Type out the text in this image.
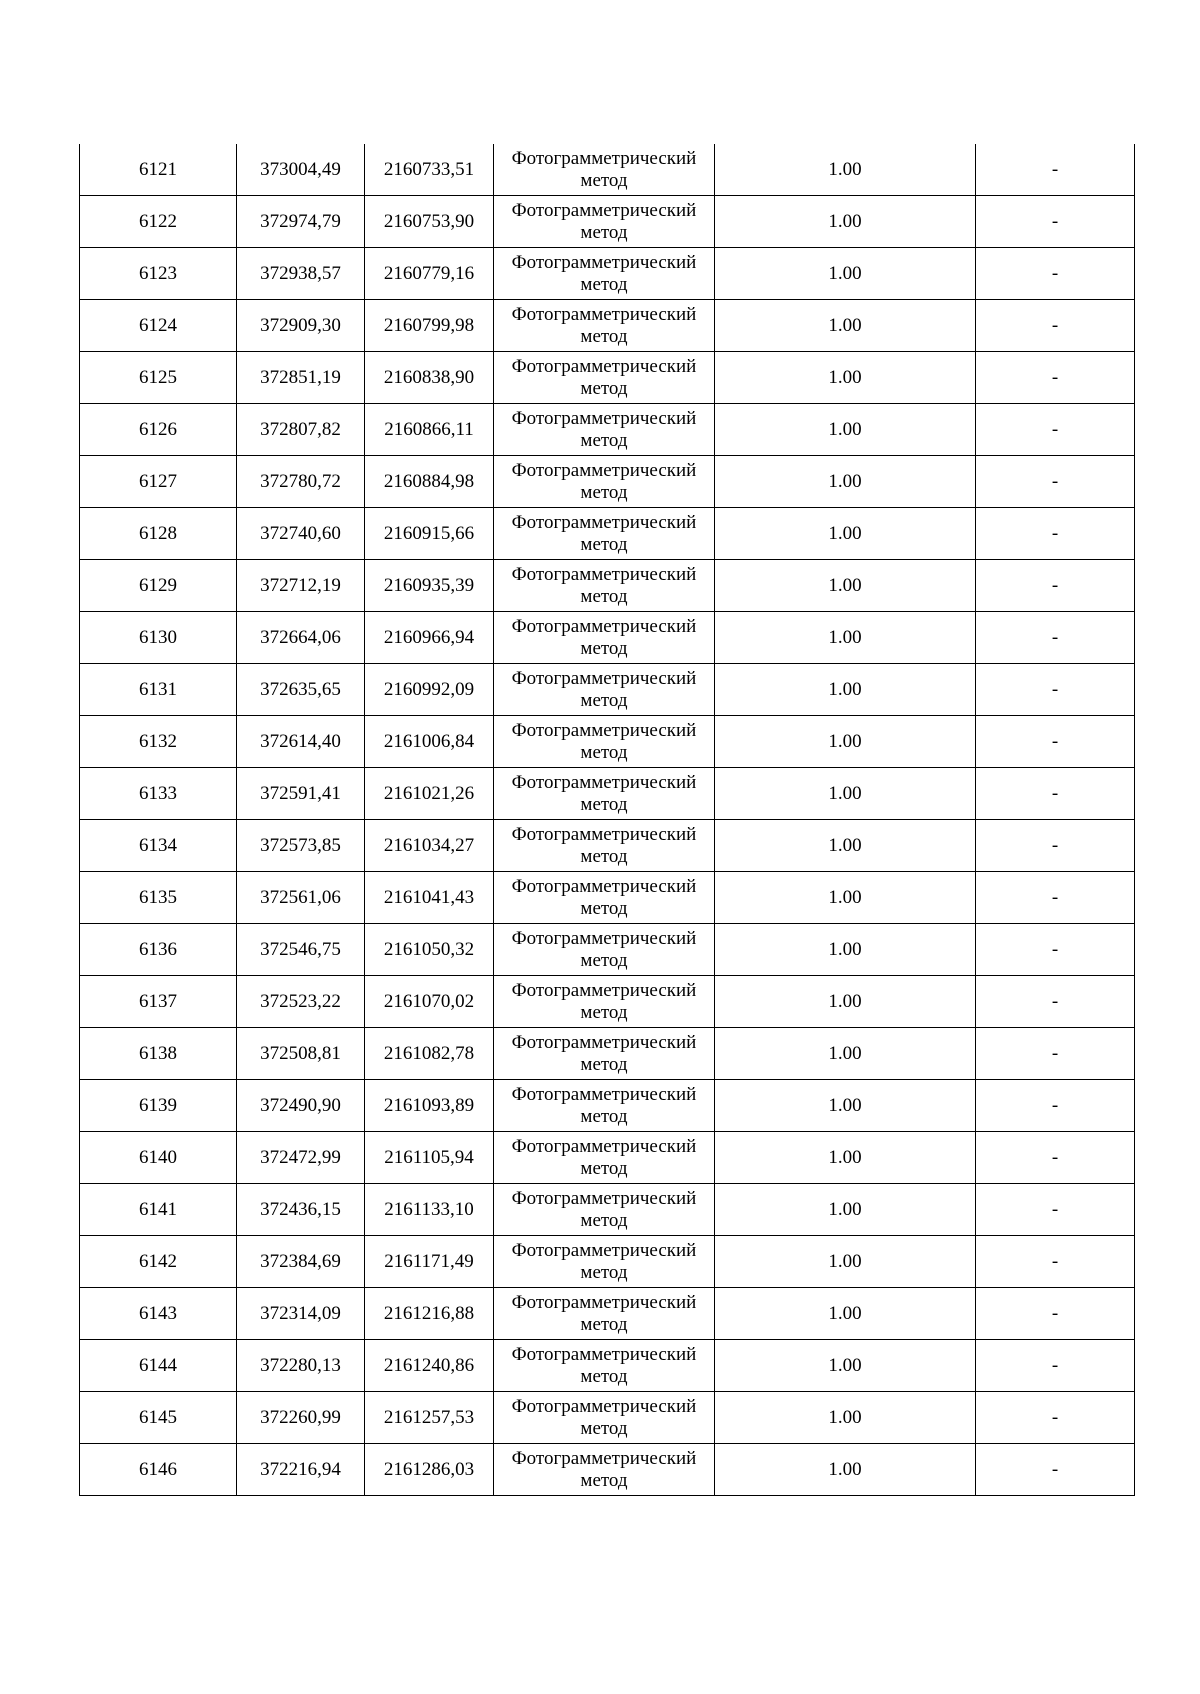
6121	373004,49	2160733,51	Фотограмметрический
метод	1.00	-
6122	372974,79	2160753,90	Фотограмметрический
метод	1.00	-
6123	372938,57	2160779,16	Фотограмметрический
метод	1.00	-
6124	372909,30	2160799,98	Фотограмметрический
метод	1.00	-
6125	372851,19	2160838,90	Фотограмметрический
метод	1.00	-
6126	372807,82	2160866,11	Фотограмметрический
метод	1.00	-
6127	372780,72	2160884,98	Фотограмметрический
метод	1.00	-
6128	372740,60	2160915,66	Фотограмметрический
метод	1.00	-
6129	372712,19	2160935,39	Фотограмметрический
метод	1.00	-
6130	372664,06	2160966,94	Фотограмметрический
метод	1.00	-
6131	372635,65	2160992,09	Фотограмметрический
метод	1.00	-
6132	372614,40	2161006,84	Фотограмметрический
метод	1.00	-
6133	372591,41	2161021,26	Фотограмметрический
метод	1.00	-
6134	372573,85	2161034,27	Фотограмметрический
метод	1.00	-
6135	372561,06	2161041,43	Фотограмметрический
метод	1.00	-
6136	372546,75	2161050,32	Фотограмметрический
метод	1.00	-
6137	372523,22	2161070,02	Фотограмметрический
метод	1.00	-
6138	372508,81	2161082,78	Фотограмметрический
метод	1.00	-
6139	372490,90	2161093,89	Фотограмметрический
метод	1.00	-
6140	372472,99	2161105,94	Фотограмметрический
метод	1.00	-
6141	372436,15	2161133,10	Фотограмметрический
метод	1.00	-
6142	372384,69	2161171,49	Фотограмметрический
метод	1.00	-
6143	372314,09	2161216,88	Фотограмметрический
метод	1.00	-
6144	372280,13	2161240,86	Фотограмметрический
метод	1.00	-
6145	372260,99	2161257,53	Фотограмметрический
метод	1.00	-
6146	372216,94	2161286,03	Фотограмметрический
метод	1.00	-
